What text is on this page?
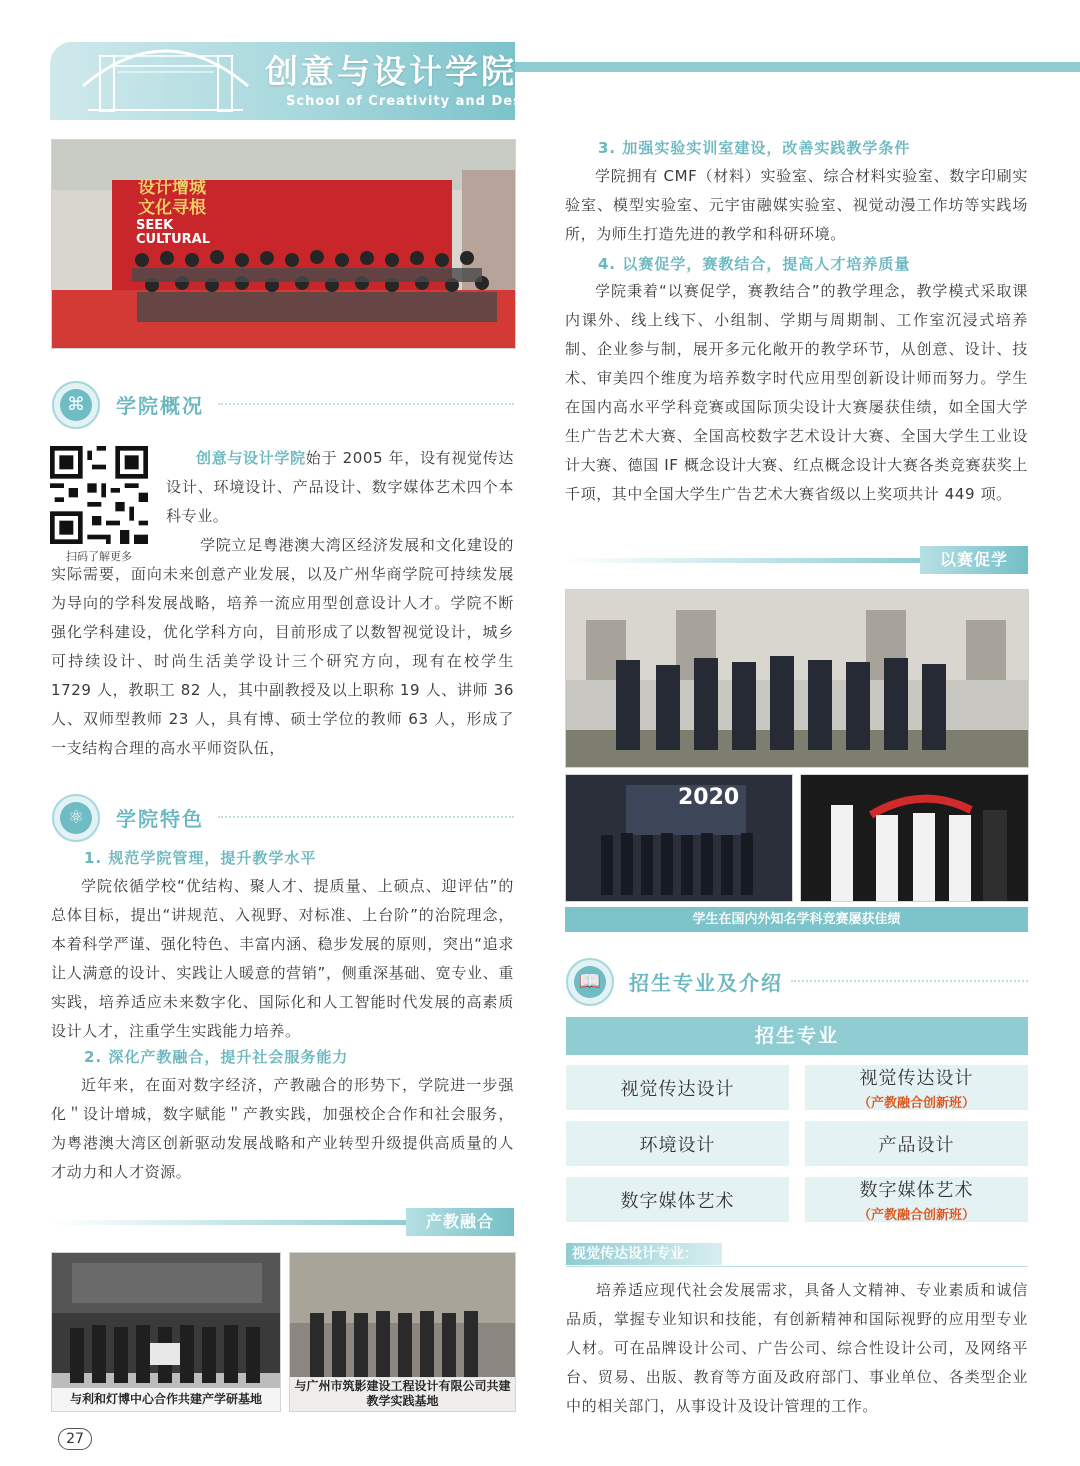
创意与设计学院
School of Creativity and Design
设计增城
文化寻根
SEEK
CULTURAL
⌘	学院概况
扫码了解更多

创意与设计学院始于 2005 年，设有视觉传达设计、环境设计、产品设计、数字媒体艺术四个本科专业。

学院立足粤港澳大湾区经济发展和文化建设的实际需要，面向未来创意产业发展，以及广州华商学院可持续发展为导向的学科发展战略，培养一流应用型创意设计人才。学院不断强化学科建设，优化学科方向，目前形成了以数智视觉设计，城乡可持续设计、时尚生活美学设计三个研究方向，现有在校学生 1729 人，教职工 82 人，其中副教授及以上职称 19 人、讲师 36 人、双师型教师 23 人，具有博、硕士学位的教师 63 人，形成了一支结构合理的高水平师资队伍，

⚛	学院特色
1. 规范学院管理，提升教学水平

学院依循学校“优结构、聚人才、提质量、上硕点、迎评估”的总体目标，提出“讲规范、入视野、对标准、上台阶”的治院理念，本着科学严谨、强化特色、丰富内涵、稳步发展的原则，突出“追求让人满意的设计、实践让人暖意的营销”，侧重深基础、宽专业、重实践，培养适应未来数字化、国际化和人工智能时代发展的高素质设计人才，注重学生实践能力培养。

2. 深化产教融合，提升社会服务能力

近年来，在面对数字经济，产教融合的形势下，学院进一步强化＂设计增城，数字赋能＂产教实践，加强校企合作和社会服务，为粤港澳大湾区创新驱动发展战略和产业转型升级提供高质量的人才动力和人才资源。

产教融合
与利和灯博中心合作共建产学研基地
与广州市筑影建设工程设计有限公司共建教学实践基地
27
3. 加强实验实训室建设，改善实践教学条件

学院拥有 CMF（材料）实验室、综合材料实验室、数字印刷实验室、模型实验室、元宇宙融媒实验室、视觉动漫工作坊等实践场所，为师生打造先进的教学和科研环境。

4. 以赛促学，赛教结合，提高人才培养质量

学院秉着“以赛促学，赛教结合”的教学理念，教学模式采取课内课外、线上线下、小组制、学期与周期制、工作室沉浸式培养制、企业参与制，展开多元化敞开的教学环节，从创意、设计、技术、审美四个维度为培养数字时代应用型创新设计师而努力。学生在国内高水平学科竞赛或国际顶尖设计大赛屡获佳绩，如全国大学生广告艺术大赛、全国高校数字艺术设计大赛、全国大学生工业设计大赛、德国 IF 概念设计大赛、红点概念设计大赛各类竞赛获奖上千项，其中全国大学生广告艺术大赛省级以上奖项共计 449 项。

以赛促学
2020
学生在国内外知名学科竞赛屡获佳绩
📖 招生专业及介绍
招生专业
视觉传达设计	视觉传达设计
（产教融合创新班）
环境设计	产品设计
数字媒体艺术	数字媒体艺术
（产教融合创新班）
视觉传达设计专业：

培养适应现代社会发展需求，具备人文精神、专业素质和诚信品质，掌握专业知识和技能，有创新精神和国际视野的应用型专业人材。可在品牌设计公司、广告公司、综合性设计公司，及网络平台、贸易、出版、教育等方面及政府部门、事业单位、各类型企业中的相关部门，从事设计及设计管理的工作。
